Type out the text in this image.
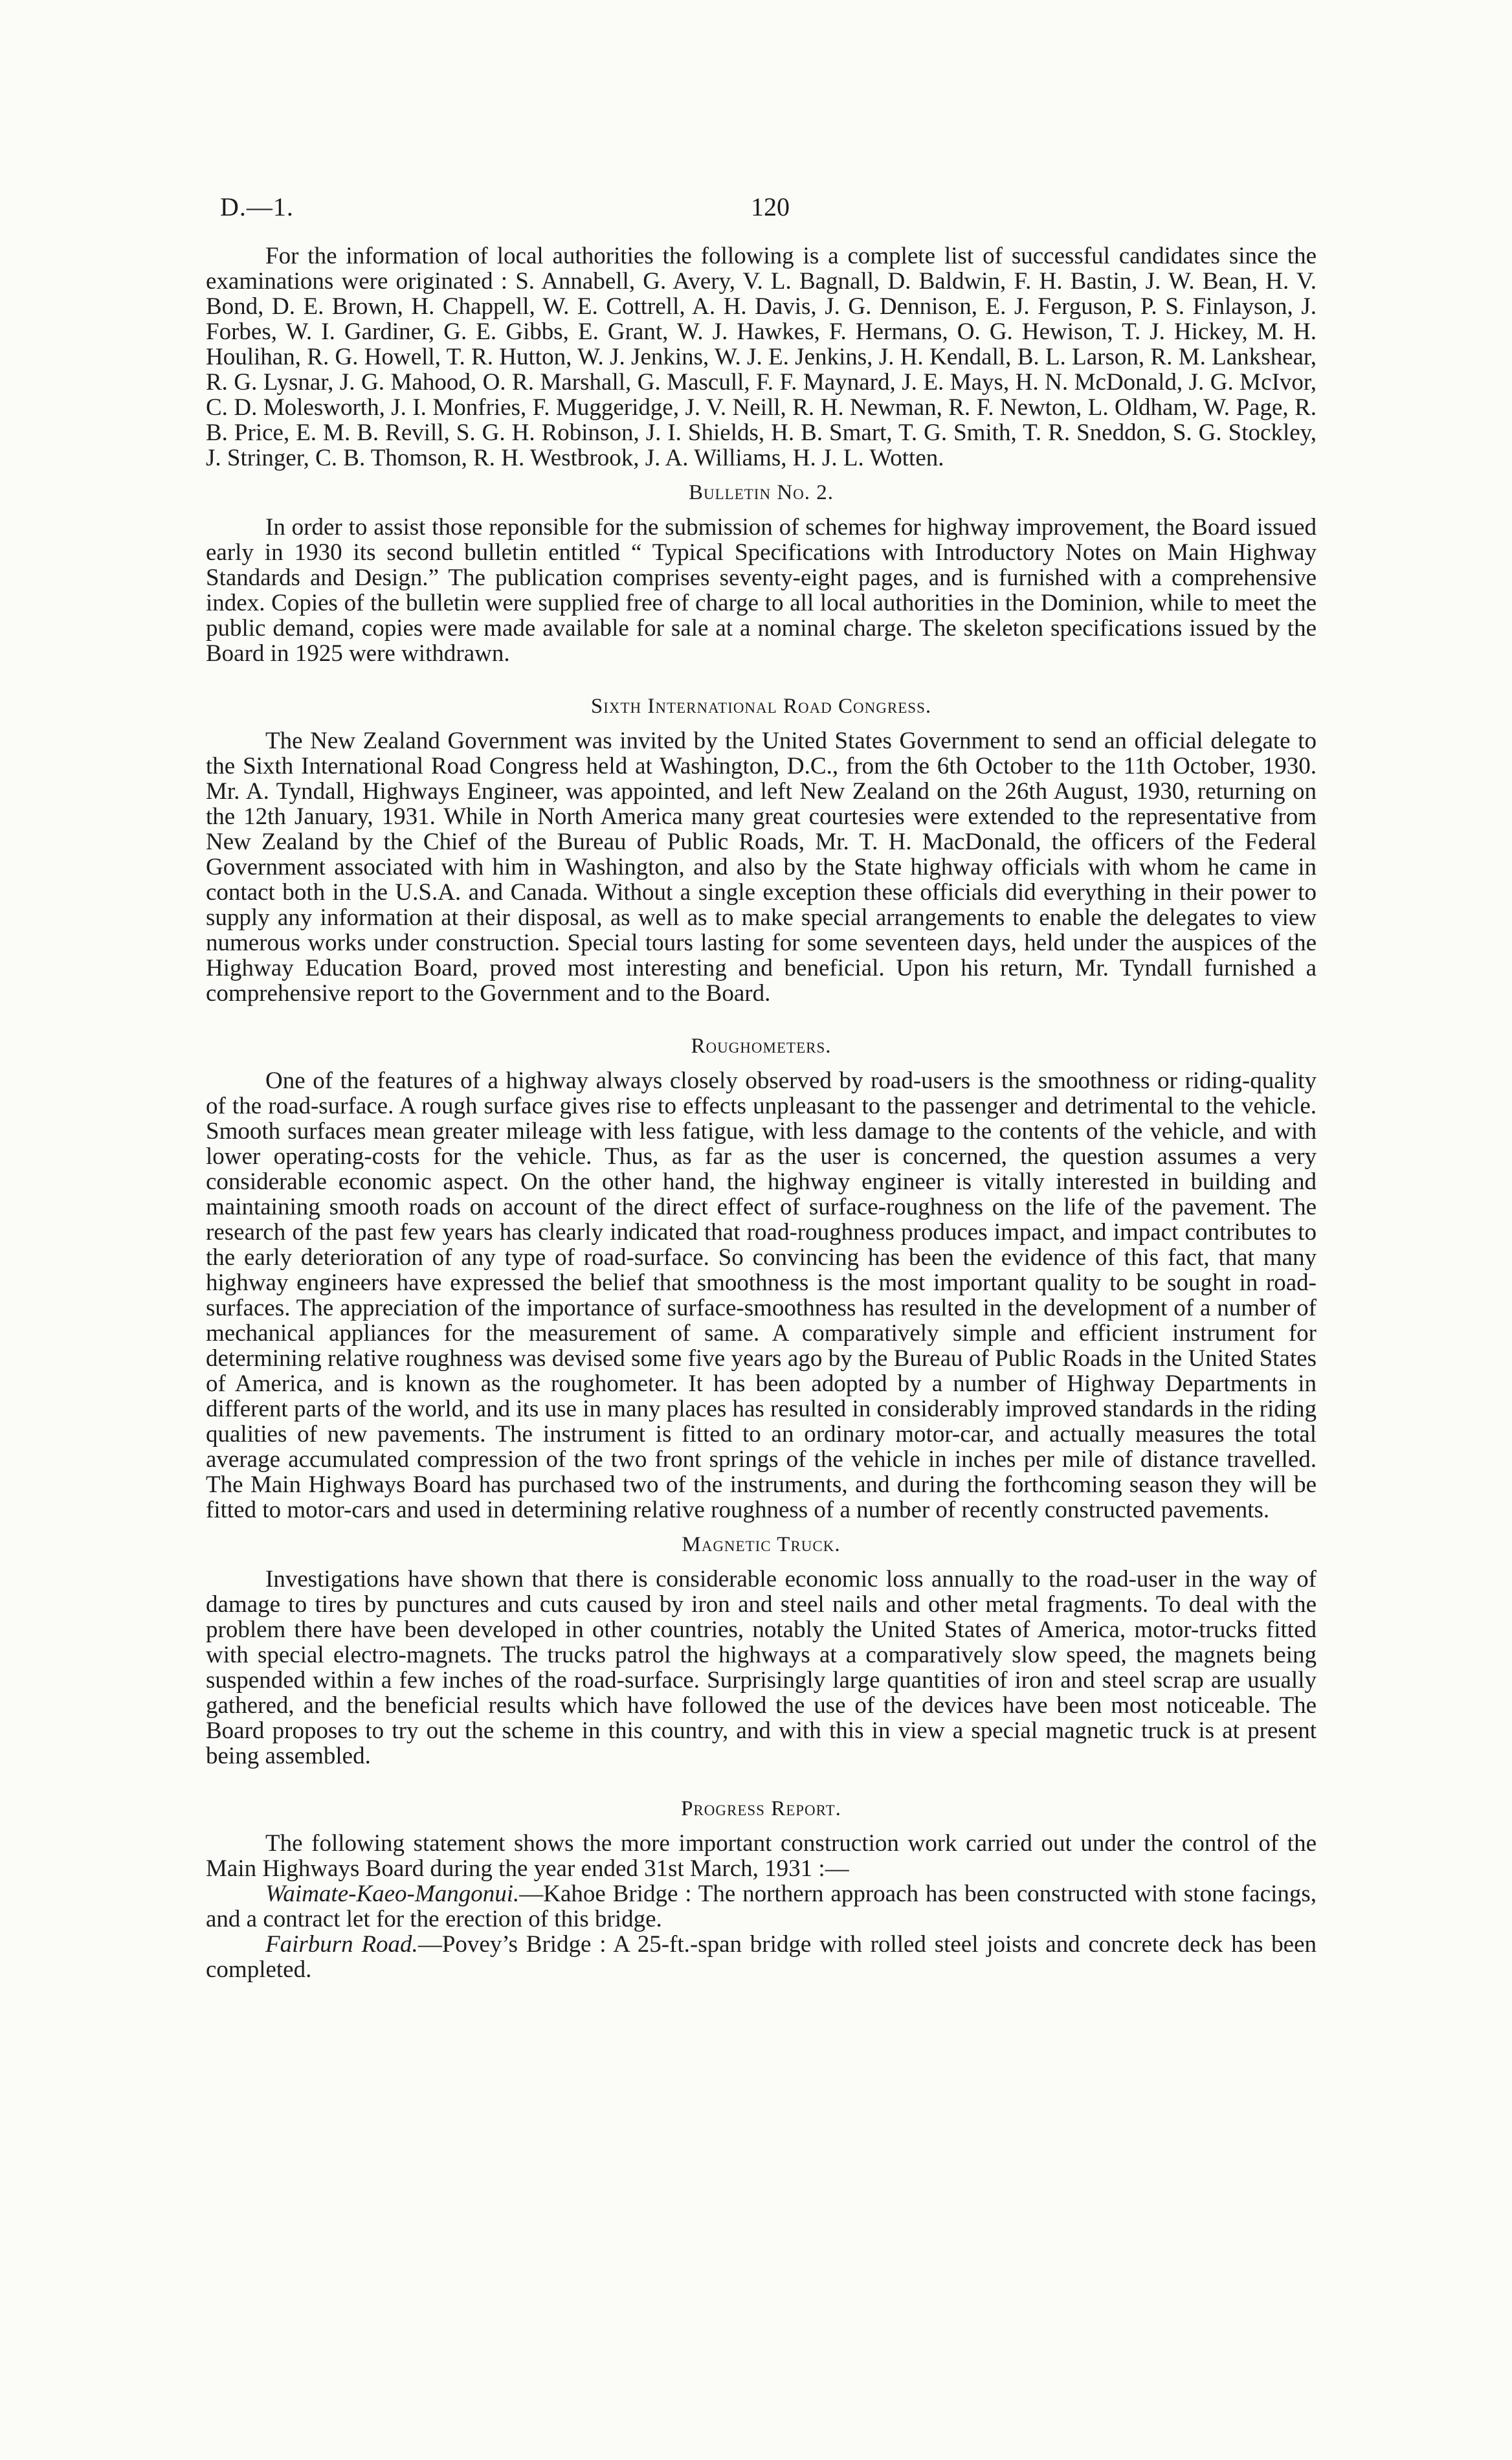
D.—1.	120

For the information of local authorities the following is a complete list of successful candidates since the examinations were originated : S. Annabell, G. Avery, V. L. Bagnall, D. Baldwin, F. H. Bastin, J. W. Bean, H. V. Bond, D. E. Brown, H. Chappell, W. E. Cottrell, A. H. Davis, J. G. Dennison, E. J. Ferguson, P. S. Finlayson, J. Forbes, W. I. Gardiner, G. E. Gibbs, E. Grant, W. J. Hawkes, F. Hermans, O. G. Hewison, T. J. Hickey, M. H. Houlihan, R. G. Howell, T. R. Hutton, W. J. Jenkins, W. J. E. Jenkins, J. H. Kendall, B. L. Larson, R. M. Lankshear, R. G. Lysnar, J. G. Mahood, O. R. Marshall, G. Mascull, F. F. Maynard, J. E. Mays, H. N. McDonald, J. G. McIvor, C. D. Molesworth, J. I. Monfries, F. Muggeridge, J. V. Neill, R. H. Newman, R. F. Newton, L. Oldham, W. Page, R. B. Price, E. M. B. Revill, S. G. H. Robinson, J. I. Shields, H. B. Smart, T. G. Smith, T. R. Sneddon, S. G. Stockley, J. Stringer, C. B. Thomson, R. H. Westbrook, J. A. Williams, H. J. L. Wotten.

Bulletin No. 2.

In order to assist those reponsible for the submission of schemes for highway improvement, the Board issued early in 1930 its second bulletin entitled “ Typical Specifications with Introductory Notes on Main Highway Standards and Design.” The publication comprises seventy-eight pages, and is furnished with a comprehensive index. Copies of the bulletin were supplied free of charge to all local authorities in the Dominion, while to meet the public demand, copies were made available for sale at a nominal charge. The skeleton specifications issued by the Board in 1925 were withdrawn.

Sixth International Road Congress.

The New Zealand Government was invited by the United States Government to send an official delegate to the Sixth International Road Congress held at Washington, D.C., from the 6th October to the 11th October, 1930. Mr. A. Tyndall, Highways Engineer, was appointed, and left New Zealand on the 26th August, 1930, returning on the 12th January, 1931. While in North America many great courtesies were extended to the representative from New Zealand by the Chief of the Bureau of Public Roads, Mr. T. H. MacDonald, the officers of the Federal Government associated with him in Washington, and also by the State highway officials with whom he came in contact both in the U.S.A. and Canada. Without a single exception these officials did everything in their power to supply any information at their disposal, as well as to make special arrangements to enable the delegates to view numerous works under construction. Special tours lasting for some seventeen days, held under the auspices of the Highway Education Board, proved most interesting and beneficial. Upon his return, Mr. Tyndall furnished a comprehensive report to the Government and to the Board.

Roughometers.

One of the features of a highway always closely observed by road-users is the smoothness or riding-quality of the road-surface. A rough surface gives rise to effects unpleasant to the passenger and detrimental to the vehicle. Smooth surfaces mean greater mileage with less fatigue, with less damage to the contents of the vehicle, and with lower operating-costs for the vehicle. Thus, as far as the user is concerned, the question assumes a very considerable economic aspect. On the other hand, the highway engineer is vitally interested in building and maintaining smooth roads on account of the direct effect of surface-roughness on the life of the pavement. The research of the past few years has clearly indicated that road-roughness produces impact, and impact contributes to the early deterioration of any type of road-surface. So convincing has been the evidence of this fact, that many highway engineers have expressed the belief that smoothness is the most important quality to be sought in road-surfaces. The appreciation of the importance of surface-smoothness has resulted in the development of a number of mechanical appliances for the measurement of same. A comparatively simple and efficient instrument for determining relative roughness was devised some five years ago by the Bureau of Public Roads in the United States of America, and is known as the roughometer. It has been adopted by a number of Highway Departments in different parts of the world, and its use in many places has resulted in considerably improved standards in the riding qualities of new pavements. The instrument is fitted to an ordinary motor-car, and actually measures the total average accumulated compression of the two front springs of the vehicle in inches per mile of distance travelled. The Main Highways Board has purchased two of the instruments, and during the forthcoming season they will be fitted to motor-cars and used in determining relative roughness of a number of recently constructed pavements.

Magnetic Truck.

Investigations have shown that there is considerable economic loss annually to the road-user in the way of damage to tires by punctures and cuts caused by iron and steel nails and other metal fragments. To deal with the problem there have been developed in other countries, notably the United States of America, motor-trucks fitted with special electro-magnets. The trucks patrol the highways at a comparatively slow speed, the magnets being suspended within a few inches of the road-surface. Surprisingly large quantities of iron and steel scrap are usually gathered, and the beneficial results which have followed the use of the devices have been most noticeable. The Board proposes to try out the scheme in this country, and with this in view a special magnetic truck is at present being assembled.

Progress Report.

The following statement shows the more important construction work carried out under the control of the Main Highways Board during the year ended 31st March, 1931 :—

Waimate-Kaeo-Mangonui.—Kahoe Bridge : The northern approach has been constructed with stone facings, and a contract let for the erection of this bridge.

Fairburn Road.—Povey’s Bridge : A 25-ft.-span bridge with rolled steel joists and concrete deck has been completed.
